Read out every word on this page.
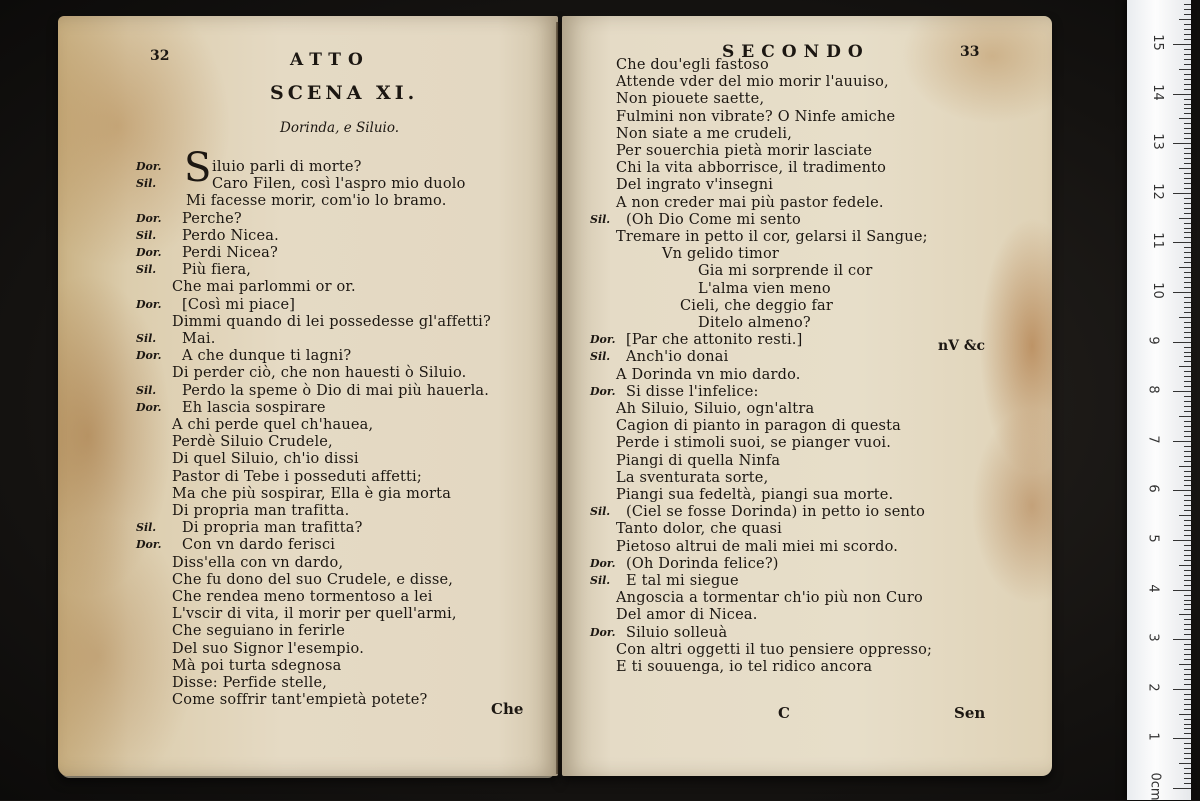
32	ATTO
SCENA XI.
Dorinda, e Siluio.
S
Dor.	iluio parli di morte?
Sil.	Caro Filen, così l'aspro mio duolo
Mi facesse morir, com'io lo bramo.
Dor. Perche?
Sil. Perdo Nicea.
Dor. Perdi Nicea?
Sil. Più fiera,
Che mai parlommi or or.
Dor. [Così mi piace]
Dimmi quando di lei possedesse gl'affetti?
Sil. Mai.
Dor. A che dunque ti lagni?
Di perder ciò, che non hauesti ò Siluio.
Sil. Perdo la speme ò Dio di mai più hauerla.
Dor. Eh lascia sospirare
A chi perde quel ch'hauea,
Perdè Siluio Crudele,
Di quel Siluio, ch'io dissi
Pastor di Tebe i posseduti affetti;
Ma che più sospirar, Ella è gia morta
Di propria man trafitta.
Sil. Di propria man trafitta?
Dor. Con vn dardo ferisci
Diss'ella con vn dardo,
Che fu dono del suo Crudele, e disse,
Che rendea meno tormentoso a lei
L'vscir di vita, il morir per quell'armi,
Che seguiano in ferirle
Del suo Signor l'esempio.
Mà poi turta sdegnosa
Disse: Perfide stelle,
Come soffrir tant'empietà potete?	Che
SECONDO	33
Che dou'egli fastoso
Attende vder del mio morir l'auuiso,
Non piouete saette,
Fulmini non vibrate? O Ninfe amiche
Non siate a me crudeli,
Per souerchia pietà morir lasciate
Chi la vita abborrisce, il tradimento
Del ingrato v'insegni
A non creder mai più pastor fedele.
Sil. (Oh Dio Come mi sento
Tremare in petto il cor, gelarsi il Sangue;
Vn gelido timor
Gia mi sorprende il cor
L'alma vien meno
Cieli, che deggio far
Ditelo almeno?
Dor. [Par che attonito resti.]
Sil. Anch'io donai
A Dorinda vn mio dardo.
Dor. Si disse l'infelice:
Ah Siluio, Siluio, ogn'altra
Cagion di pianto in paragon di questa
Perde i stimoli suoi, se pianger vuoi.
Piangi di quella Ninfa
La sventurata sorte,
Piangi sua fedeltà, piangi sua morte.
Sil. (Ciel se fosse Dorinda) in petto io sento
Tanto dolor, che quasi
Pietoso altrui de mali miei mi scordo.
Dor. (Oh Dorinda felice?)
Sil. E tal mi siegue
Angoscia a tormentar ch'io più non Curo
Del amor di Nicea.
Dor. Siluio solleuà
Con altri oggetti il tuo pensiere oppresso;
E ti souuenga, io tel ridico ancora
nV &c
C	Sen
0cm
1
2
3
4
5
6
7
8
9
10
11
12
13
14
15
